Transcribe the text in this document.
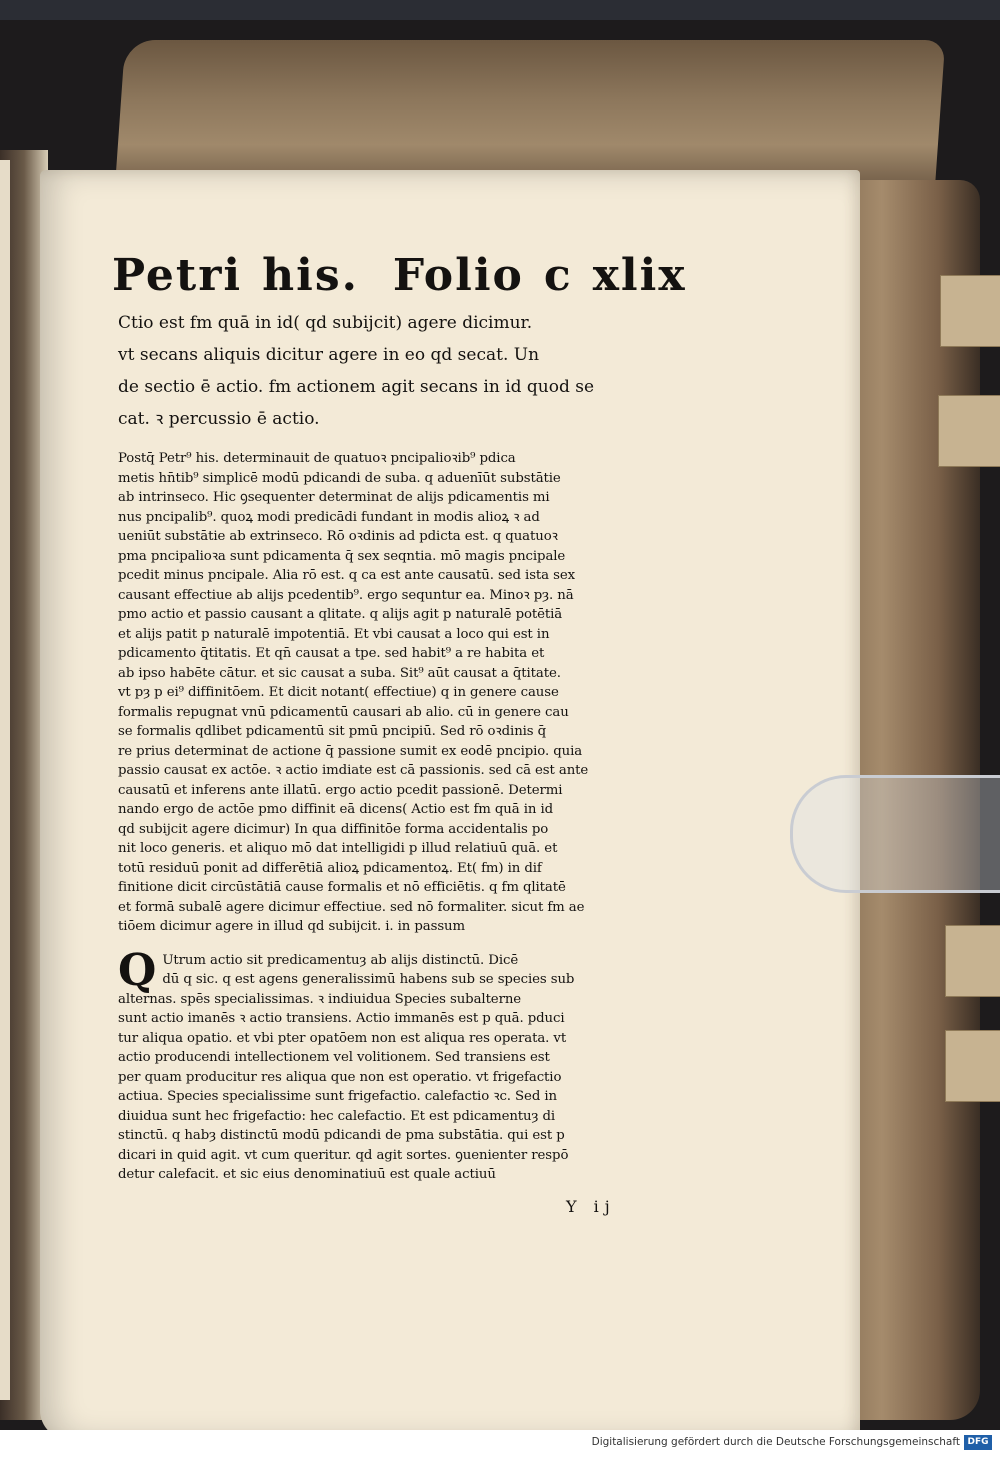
Petri his. Folio c xlix

Ctio est fm quā in id( qd subijcit) agere dicimur.

vt secans aliquis dicitur agere in eo qd secat. Un

de sectio ē actio. fm actionem agit secans in id quod se

cat. ꝛ percussio ē actio.

Postq̄ Petr⁹ his. determinauit de quatuoꝛ pncipalioꝛib⁹ pdica

metis hn̄tib⁹ simplicē modū pdicandi de suba. q aduenīūt substātie

ab intrinseco. Hic ꝯsequenter determinat de alijs pdicamentis mi

nus pncipalib⁹. quoꝝ modi predicādi fundant in modis alioꝝ ꝛ ad

ueniūt substātie ab extrinseco. Rō oꝛdinis ad pdicta est. q quatuoꝛ

pma pncipalioꝛa sunt pdicamenta q̄ sex seqntia. mō magis pncipale

pcedit minus pncipale. Alia rō est. q ca est ante causatū. sed ista sex

causant effectiue ab alijs pcedentib⁹. ergo sequntur ea. Minoꝛ pȝ. nā

pmo actio et passio causant a qlitate. q alijs agit p naturalē potētiā

et alijs patit p naturalē impotentiā. Et vbi causat a loco qui est in

pdicamento q̄titatis. Et qn̄ causat a tpe. sed habit⁹ a re habita et

ab ipso habēte cātur. et sic causat a suba. Sit⁹ aūt causat a q̄titate.

vt pȝ p ei⁹ diffinitōem. Et dicit notant( effectiue) q in genere cause

formalis repugnat vnū pdicamentū causari ab alio. cū in genere cau

se formalis qdlibet pdicamentū sit pmū pncipiū. Sed rō oꝛdinis q̄

re prius determinat de actione q̄ passione sumit ex eodē pncipio. quia

passio causat ex actōe. ꝛ actio imdiate est cā passionis. sed cā est ante

causatū et inferens ante illatū. ergo actio pcedit passionē. Determi

nando ergo de actōe pmo diffinit eā dicens( Actio est fm quā in id

qd subijcit agere dicimur) In qua diffinitōe forma accidentalis po

nit loco generis. et aliquo mō dat intelligidi p illud relatiuū quā. et

totū residuū ponit ad differētiā alioꝝ pdicamentoꝝ. Et( fm) in dif

finitione dicit circūstātiā cause formalis et nō efficiētis. q fm qlitatē

et formā subalē agere dicimur effectiue. sed nō formaliter. sicut fm ae

tiōem dicimur agere in illud qd subijcit. i. in passum

Q Utrum actio sit predicamentuȝ ab alijs distinctū. Dicē

dū q sic. q est agens generalissimū habens sub se species sub

alternas. spēs specialissimas. ꝛ indiuidua Species subalterne

sunt actio imanēs ꝛ actio transiens. Actio immanēs est p quā. pduci

tur aliqua opatio. et vbi pter opatōem non est aliqua res operata. vt

actio producendi intellectionem vel volitionem. Sed transiens est

per quam producitur res aliqua que non est operatio. vt frigefactio

actiua. Species specialissime sunt frigefactio. calefactio ꝛc. Sed in

diuidua sunt hec frigefactio: hec calefactio. Et est pdicamentuȝ di

stinctū. q habȝ distinctū modū pdicandi de pma substātia. qui est p

dicari in quid agit. vt cum queritur. qd agit sortes. ꝯuenienter respō

detur calefacit. et sic eius denominatiuū est quale actiuū

Y ij
Digitalisierung gefördert durch die Deutsche Forschungsgemeinschaft DFG
